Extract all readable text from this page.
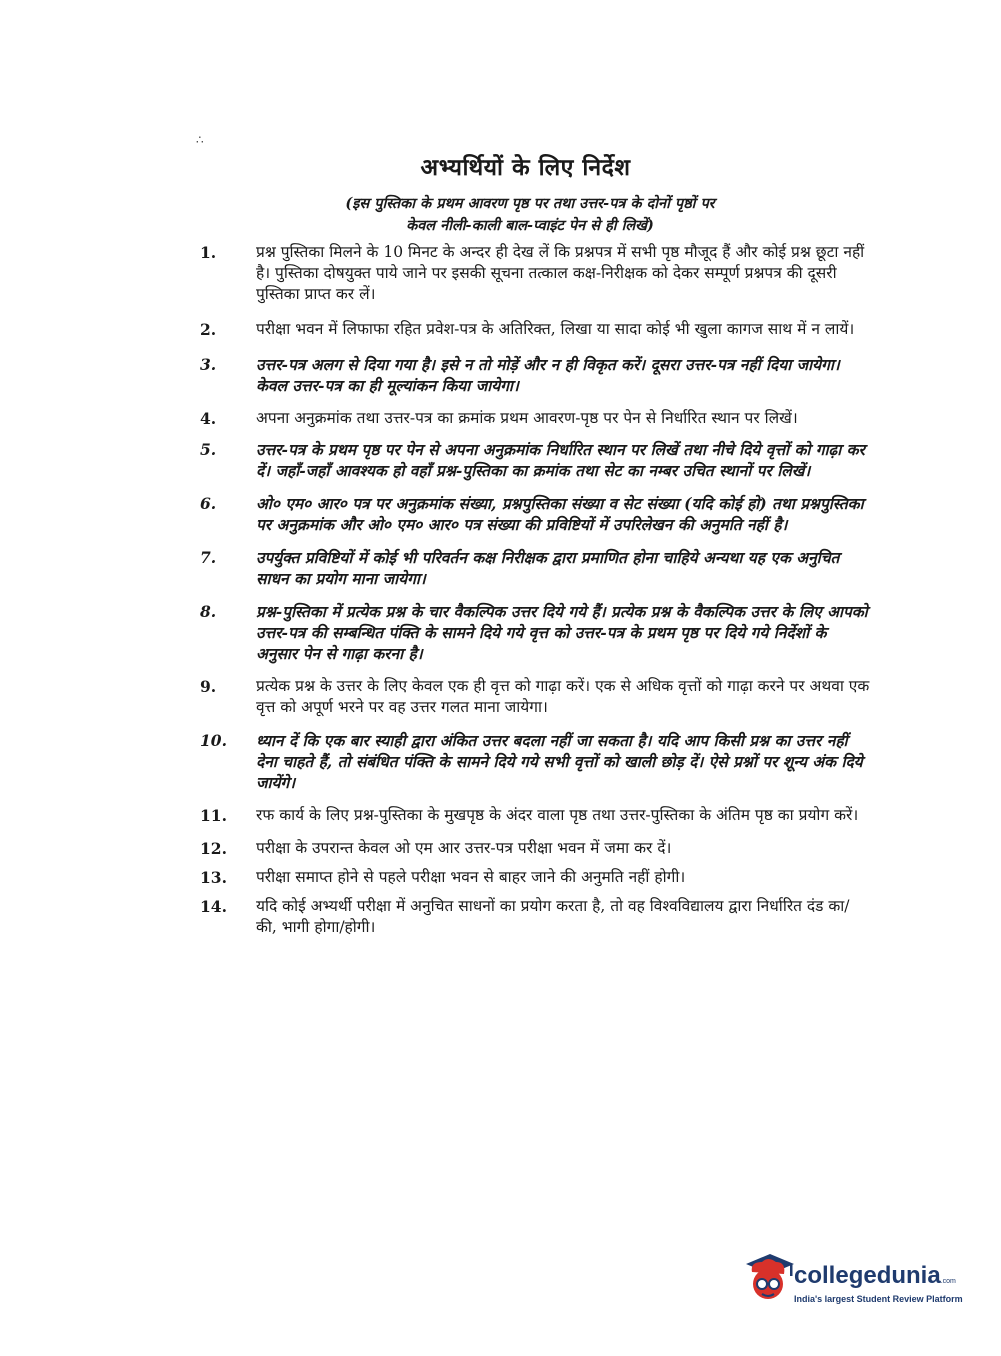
∴
अभ्यर्थियों के लिए निर्देश
(इस पुस्तिका के प्रथम आवरण पृष्ठ पर तथा उत्तर-पत्र के दोनों पृष्ठों पर
केवल नीली-काली बाल-प्वाइंट पेन से ही लिखें)
1.	प्रश्न पुस्तिका मिलने के 10 मिनट के अन्दर ही देख लें कि प्रश्नपत्र में सभी पृष्ठ मौजूद हैं और कोई प्रश्न छूटा नहीं है। पुस्तिका दोषयुक्त पाये जाने पर इसकी सूचना तत्काल कक्ष-निरीक्षक को देकर सम्पूर्ण प्रश्नपत्र की दूसरी पुस्तिका प्राप्त कर लें।
2.	परीक्षा भवन में लिफाफा रहित प्रवेश-पत्र के अतिरिक्त, लिखा या सादा कोई भी खुला कागज साथ में न लायें।
3.	उत्तर-पत्र अलग से दिया गया है। इसे न तो मोड़ें और न ही विकृत करें। दूसरा उत्तर-पत्र नहीं दिया जायेगा। केवल उत्तर-पत्र का ही मूल्यांकन किया जायेगा।
4.	अपना अनुक्रमांक तथा उत्तर-पत्र का क्रमांक प्रथम आवरण-पृष्ठ पर पेन से निर्धारित स्थान पर लिखें।
5.	उत्तर-पत्र के प्रथम पृष्ठ पर पेन से अपना अनुक्रमांक निर्धारित स्थान पर लिखें तथा नीचे दिये वृत्तों को गाढ़ा कर दें। जहाँ-जहाँ आवश्यक हो वहाँ प्रश्न-पुस्तिका का क्रमांक तथा सेट का नम्बर उचित स्थानों पर लिखें।
6.	ओ० एम० आर० पत्र पर अनुक्रमांक संख्या, प्रश्नपुस्तिका संख्या व सेट संख्या (यदि कोई हो) तथा प्रश्नपुस्तिका पर अनुक्रमांक और ओ० एम० आर० पत्र संख्या की प्रविष्टियों में उपरिलेखन की अनुमति नहीं है।
7.	उपर्युक्त प्रविष्टियों में कोई भी परिवर्तन कक्ष निरीक्षक द्वारा प्रमाणित होना चाहिये अन्यथा यह एक अनुचित साधन का प्रयोग माना जायेगा।
8.	प्रश्न-पुस्तिका में प्रत्येक प्रश्न के चार वैकल्पिक उत्तर दिये गये हैं। प्रत्येक प्रश्न के वैकल्पिक उत्तर के लिए आपको उत्तर-पत्र की सम्बन्धित पंक्ति के सामने दिये गये वृत्त को उत्तर-पत्र के प्रथम पृष्ठ पर दिये गये निर्देशों के अनुसार पेन से गाढ़ा करना है।
9.	प्रत्येक प्रश्न के उत्तर के लिए केवल एक ही वृत्त को गाढ़ा करें। एक से अधिक वृत्तों को गाढ़ा करने पर अथवा एक वृत्त को अपूर्ण भरने पर वह उत्तर गलत माना जायेगा।
10.	ध्यान दें कि एक बार स्याही द्वारा अंकित उत्तर बदला नहीं जा सकता है। यदि आप किसी प्रश्न का उत्तर नहीं देना चाहते हैं, तो संबंधित पंक्ति के सामने दिये गये सभी वृत्तों को खाली छोड़ दें। ऐसे प्रश्नों पर शून्य अंक दिये जायेंगे।
11.	रफ कार्य के लिए प्रश्न-पुस्तिका के मुखपृष्ठ के अंदर वाला पृष्ठ तथा उत्तर-पुस्तिका के अंतिम पृष्ठ का प्रयोग करें।
12.	परीक्षा के उपरान्त केवल ओ एम आर उत्तर-पत्र परीक्षा भवन में जमा कर दें।
13.	परीक्षा समाप्त होने से पहले परीक्षा भवन से बाहर जाने की अनुमति नहीं होगी।
14.	यदि कोई अभ्यर्थी परीक्षा में अनुचित साधनों का प्रयोग करता है, तो वह विश्वविद्यालय द्वारा निर्धारित दंड का/की, भागी होगा/होगी।
collegedunia.com
India's largest Student Review Platform
